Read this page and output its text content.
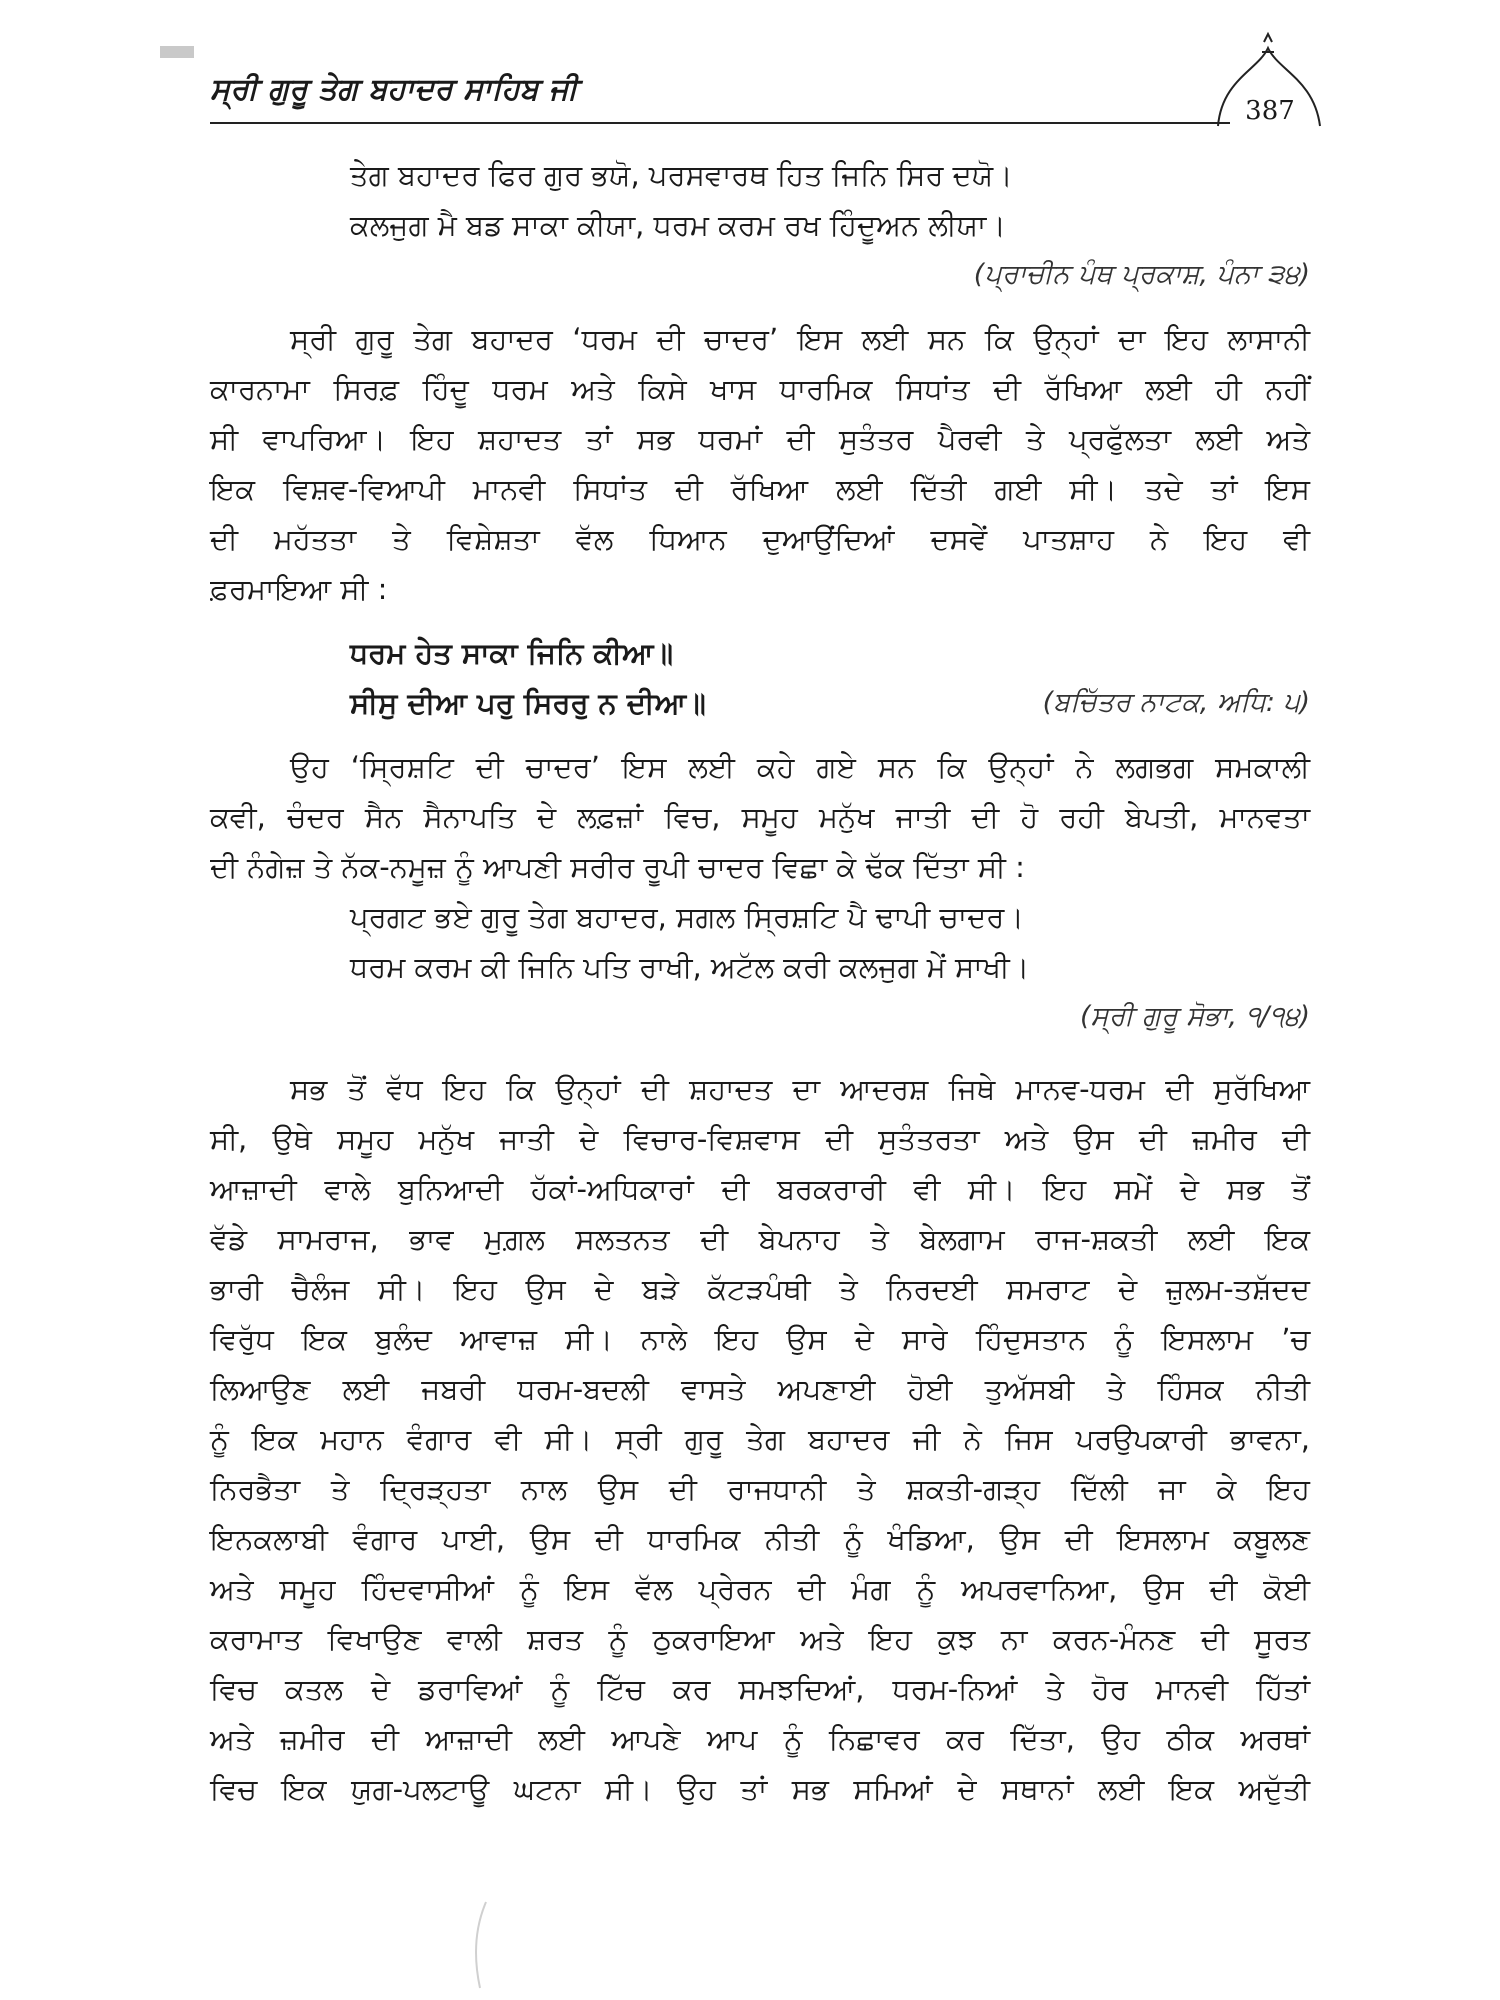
ਸ੍ਰੀ ਗੁਰੂ ਤੇਗ ਬਹਾਦਰ ਸਾਹਿਬ ਜੀ
387
ਤੇਗ ਬਹਾਦਰ ਫਿਰ ਗੁਰ ਭਯੋ, ਪਰਸਵਾਰਥ ਹਿਤ ਜਿਨਿ ਸਿਰ ਦਯੋ।
ਕਲਜੁਗ ਮੈ ਬਡ ਸਾਕਾ ਕੀਯਾ, ਧਰਮ ਕਰਮ ਰਖ ਹਿੰਦੂਅਨ ਲੀਯਾ।
(ਪ੍ਰਾਚੀਨ ਪੰਥ ਪ੍ਰਕਾਸ਼, ਪੰਨਾ ੩੪)
ਸ੍ਰੀ ਗੁਰੂ ਤੇਗ ਬਹਾਦਰ ‘ਧਰਮ ਦੀ ਚਾਦਰ’ ਇਸ ਲਈ ਸਨ ਕਿ ਉਨ੍ਹਾਂ ਦਾ ਇਹ ਲਾਸਾਨੀ
ਕਾਰਨਾਮਾ ਸਿਰਫ਼ ਹਿੰਦੂ ਧਰਮ ਅਤੇ ਕਿਸੇ ਖਾਸ ਧਾਰਮਿਕ ਸਿਧਾਂਤ ਦੀ ਰੱਖਿਆ ਲਈ ਹੀ ਨਹੀਂ
ਸੀ ਵਾਪਰਿਆ। ਇਹ ਸ਼ਹਾਦਤ ਤਾਂ ਸਭ ਧਰਮਾਂ ਦੀ ਸੁਤੰਤਰ ਪੈਰਵੀ ਤੇ ਪ੍ਰਫੁੱਲਤਾ ਲਈ ਅਤੇ
ਇਕ ਵਿਸ਼ਵ-ਵਿਆਪੀ ਮਾਨਵੀ ਸਿਧਾਂਤ ਦੀ ਰੱਖਿਆ ਲਈ ਦਿੱਤੀ ਗਈ ਸੀ। ਤਦੇ ਤਾਂ ਇਸ
ਦੀ ਮਹੱਤਤਾ ਤੇ ਵਿਸ਼ੇਸ਼ਤਾ ਵੱਲ ਧਿਆਨ ਦੁਆਉਂਦਿਆਂ ਦਸਵੇਂ ਪਾਤਸ਼ਾਹ ਨੇ ਇਹ ਵੀ
ਫ਼ਰਮਾਇਆ ਸੀ :
ਧਰਮ ਹੇਤ ਸਾਕਾ ਜਿਨਿ ਕੀਆ॥
ਸੀਸੁ ਦੀਆ ਪਰੁ ਸਿਰਰੁ ਨ ਦੀਆ॥	(ਬਚਿੱਤਰ ਨਾਟਕ, ਅਧਿ: ੫)
ਉਹ ‘ਸ੍ਰਿਸ਼ਟਿ ਦੀ ਚਾਦਰ’ ਇਸ ਲਈ ਕਹੇ ਗਏ ਸਨ ਕਿ ਉਨ੍ਹਾਂ ਨੇ ਲਗਭਗ ਸਮਕਾਲੀ
ਕਵੀ, ਚੰਦਰ ਸੈਨ ਸੈਨਾਪਤਿ ਦੇ ਲਫ਼ਜ਼ਾਂ ਵਿਚ, ਸਮੂਹ ਮਨੁੱਖ ਜਾਤੀ ਦੀ ਹੋ ਰਹੀ ਬੇਪਤੀ, ਮਾਨਵਤਾ
ਦੀ ਨੰਗੇਜ਼ ਤੇ ਨੱਕ-ਨਮੂਜ਼ ਨੂੰ ਆਪਣੀ ਸਰੀਰ ਰੂਪੀ ਚਾਦਰ ਵਿਛਾ ਕੇ ਢੱਕ ਦਿੱਤਾ ਸੀ :
ਪ੍ਰਗਟ ਭਏ ਗੁਰੂ ਤੇਗ ਬਹਾਦਰ, ਸਗਲ ਸ੍ਰਿਸ਼ਟਿ ਪੈ ਢਾਪੀ ਚਾਦਰ।
ਧਰਮ ਕਰਮ ਕੀ ਜਿਨਿ ਪਤਿ ਰਾਖੀ, ਅਟੱਲ ਕਰੀ ਕਲਜੁਗ ਮੇਂ ਸਾਖੀ।
(ਸ੍ਰੀ ਗੁਰੂ ਸੋਭਾ, ੧/੧੪)
ਸਭ ਤੋਂ ਵੱਧ ਇਹ ਕਿ ਉਨ੍ਹਾਂ ਦੀ ਸ਼ਹਾਦਤ ਦਾ ਆਦਰਸ਼ ਜਿਥੇ ਮਾਨਵ-ਧਰਮ ਦੀ ਸੁਰੱਖਿਆ
ਸੀ, ਉਥੇ ਸਮੂਹ ਮਨੁੱਖ ਜਾਤੀ ਦੇ ਵਿਚਾਰ-ਵਿਸ਼ਵਾਸ ਦੀ ਸੁਤੰਤਰਤਾ ਅਤੇ ਉਸ ਦੀ ਜ਼ਮੀਰ ਦੀ
ਆਜ਼ਾਦੀ ਵਾਲੇ ਬੁਨਿਆਦੀ ਹੱਕਾਂ-ਅਧਿਕਾਰਾਂ ਦੀ ਬਰਕਰਾਰੀ ਵੀ ਸੀ। ਇਹ ਸਮੇਂ ਦੇ ਸਭ ਤੋਂ
ਵੱਡੇ ਸਾਮਰਾਜ, ਭਾਵ ਮੁਗ਼ਲ ਸਲਤਨਤ ਦੀ ਬੇਪਨਾਹ ਤੇ ਬੇਲਗਾਮ ਰਾਜ-ਸ਼ਕਤੀ ਲਈ ਇਕ
ਭਾਰੀ ਚੈਲੰਜ ਸੀ। ਇਹ ਉਸ ਦੇ ਬੜੇ ਕੱਟੜਪੰਥੀ ਤੇ ਨਿਰਦਈ ਸਮਰਾਟ ਦੇ ਜ਼ੁਲਮ-ਤਸ਼ੱਦਦ
ਵਿਰੁੱਧ ਇਕ ਬੁਲੰਦ ਆਵਾਜ਼ ਸੀ। ਨਾਲੇ ਇਹ ਉਸ ਦੇ ਸਾਰੇ ਹਿੰਦੁਸਤਾਨ ਨੂੰ ਇਸਲਾਮ ’ਚ
ਲਿਆਉਣ ਲਈ ਜਬਰੀ ਧਰਮ-ਬਦਲੀ ਵਾਸਤੇ ਅਪਣਾਈ ਹੋਈ ਤੁਅੱਸਬੀ ਤੇ ਹਿੰਸਕ ਨੀਤੀ
ਨੂੰ ਇਕ ਮਹਾਨ ਵੰਗਾਰ ਵੀ ਸੀ। ਸ੍ਰੀ ਗੁਰੂ ਤੇਗ ਬਹਾਦਰ ਜੀ ਨੇ ਜਿਸ ਪਰਉਪਕਾਰੀ ਭਾਵਨਾ,
ਨਿਰਭੈਤਾ ਤੇ ਦ੍ਰਿੜ੍ਹਤਾ ਨਾਲ ਉਸ ਦੀ ਰਾਜਧਾਨੀ ਤੇ ਸ਼ਕਤੀ-ਗੜ੍ਹ ਦਿੱਲੀ ਜਾ ਕੇ ਇਹ
ਇਨਕਲਾਬੀ ਵੰਗਾਰ ਪਾਈ, ਉਸ ਦੀ ਧਾਰਮਿਕ ਨੀਤੀ ਨੂੰ ਖੰਡਿਆ, ਉਸ ਦੀ ਇਸਲਾਮ ਕਬੂਲਣ
ਅਤੇ ਸਮੂਹ ਹਿੰਦਵਾਸੀਆਂ ਨੂੰ ਇਸ ਵੱਲ ਪ੍ਰੇਰਨ ਦੀ ਮੰਗ ਨੂੰ ਅਪਰਵਾਨਿਆ, ਉਸ ਦੀ ਕੋਈ
ਕਰਾਮਾਤ ਵਿਖਾਉਣ ਵਾਲੀ ਸ਼ਰਤ ਨੂੰ ਠੁਕਰਾਇਆ ਅਤੇ ਇਹ ਕੁਝ ਨਾ ਕਰਨ-ਮੰਨਣ ਦੀ ਸੂਰਤ
ਵਿਚ ਕਤਲ ਦੇ ਡਰਾਵਿਆਂ ਨੂੰ ਟਿੱਚ ਕਰ ਸਮਝਦਿਆਂ, ਧਰਮ-ਨਿਆਂ ਤੇ ਹੋਰ ਮਾਨਵੀ ਹਿੱਤਾਂ
ਅਤੇ ਜ਼ਮੀਰ ਦੀ ਆਜ਼ਾਦੀ ਲਈ ਆਪਣੇ ਆਪ ਨੂੰ ਨਿਛਾਵਰ ਕਰ ਦਿੱਤਾ, ਉਹ ਠੀਕ ਅਰਥਾਂ
ਵਿਚ ਇਕ ਯੁਗ-ਪਲਟਾਊ ਘਟਨਾ ਸੀ। ਉਹ ਤਾਂ ਸਭ ਸਮਿਆਂ ਦੇ ਸਥਾਨਾਂ ਲਈ ਇਕ ਅਦੁੱਤੀ
